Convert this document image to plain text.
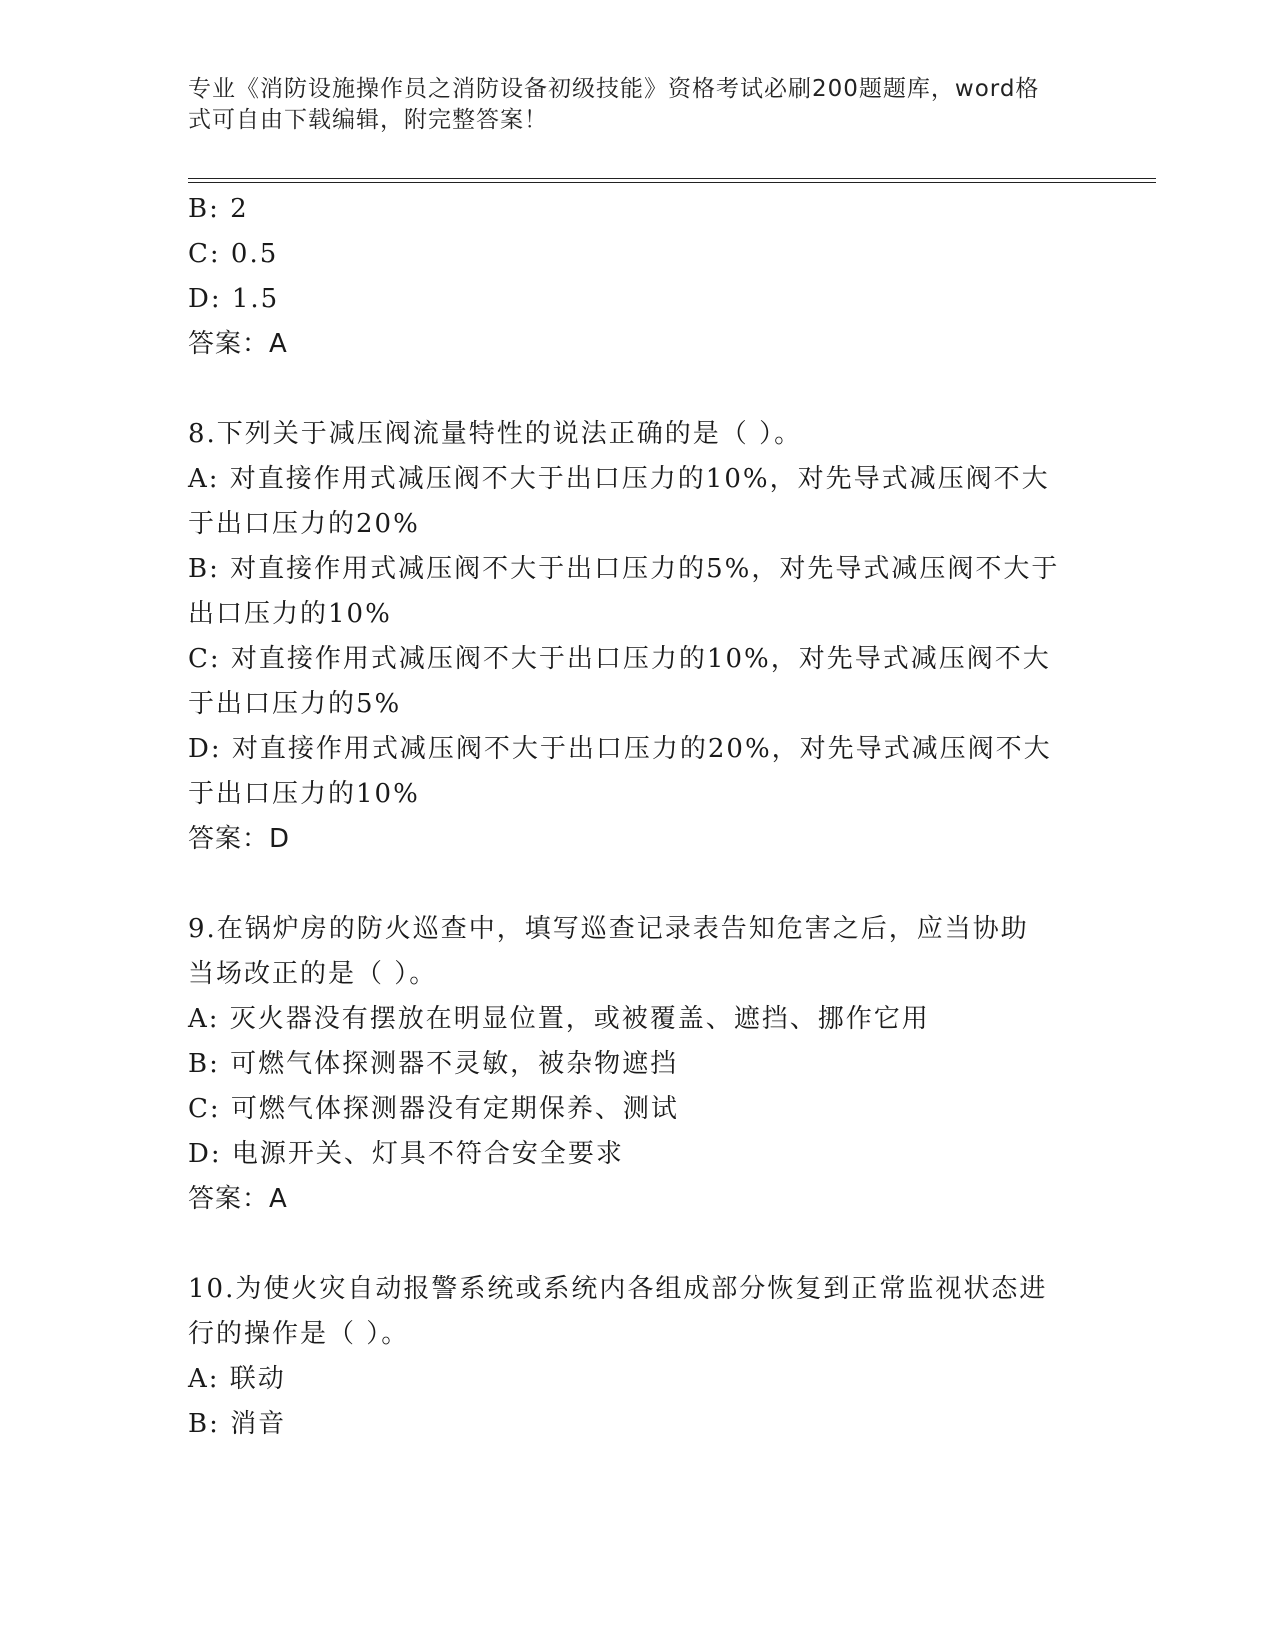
专业《消防设施操作员之消防设备初级技能》资格考试必刷200题题库，word格
式可自由下载编辑，附完整答案！
B: 2
C: 0.5
D: 1.5
答案：A
8.下列关于减压阀流量特性的说法正确的是（ ）。
A: 对直接作用式减压阀不大于出口压力的10%，对先导式减压阀不大
于出口压力的20%
B: 对直接作用式减压阀不大于出口压力的5%，对先导式减压阀不大于
出口压力的10%
C: 对直接作用式减压阀不大于出口压力的10%，对先导式减压阀不大
于出口压力的5%
D: 对直接作用式减压阀不大于出口压力的20%，对先导式减压阀不大
于出口压力的10%
答案：D
9.在锅炉房的防火巡查中，填写巡查记录表告知危害之后，应当协助
当场改正的是（ ）。
A: 灭火器没有摆放在明显位置，或被覆盖、遮挡、挪作它用
B: 可燃气体探测器不灵敏，被杂物遮挡
C: 可燃气体探测器没有定期保养、测试
D: 电源开关、灯具不符合安全要求
答案：A
10.为使火灾自动报警系统或系统内各组成部分恢复到正常监视状态进
行的操作是（ ）。
A: 联动
B: 消音
